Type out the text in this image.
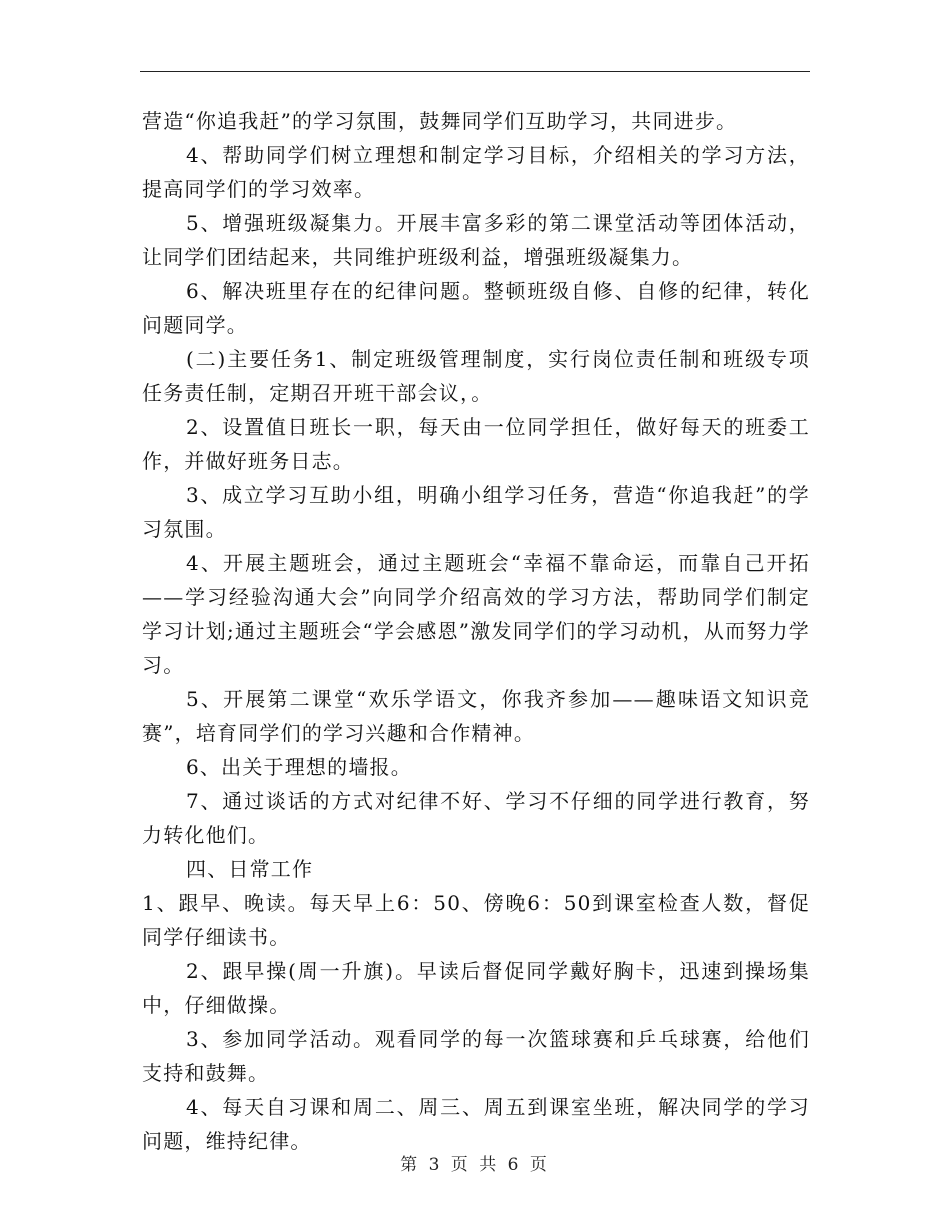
营造“你追我赶”的学习氛围，鼓舞同学们互助学习，共同进步。

4、帮助同学们树立理想和制定学习目标，介绍相关的学习方法，提高同学们的学习效率。

5、增强班级凝集力。开展丰富多彩的第二课堂活动等团体活动，让同学们团结起来，共同维护班级利益，增强班级凝集力。

6、解决班里存在的纪律问题。整顿班级自修、自修的纪律，转化问题同学。

(二)主要任务1、制定班级管理制度，实行岗位责任制和班级专项任务责任制，定期召开班干部会议，。

2、设置值日班长一职，每天由一位同学担任，做好每天的班委工作，并做好班务日志。

3、成立学习互助小组，明确小组学习任务，营造“你追我赶”的学习氛围。

4、开展主题班会，通过主题班会“幸福不靠命运，而靠自己开拓——学习经验沟通大会”向同学介绍高效的学习方法，帮助同学们制定学习计划;通过主题班会“学会感恩”激发同学们的学习动机，从而努力学习。

5、开展第二课堂“欢乐学语文，你我齐参加——趣味语文知识竞赛”，培育同学们的学习兴趣和合作精神。

6、出关于理想的墙报。

7、通过谈话的方式对纪律不好、学习不仔细的同学进行教育，努力转化他们。

四、日常工作

1、跟早、晚读。每天早上6：50、傍晚6：50到课室检查人数，督促同学仔细读书。

2、跟早操(周一升旗)。早读后督促同学戴好胸卡，迅速到操场集中，仔细做操。

3、参加同学活动。观看同学的每一次篮球赛和乒乓球赛，给他们支持和鼓舞。

4、每天自习课和周二、周三、周五到课室坐班，解决同学的学习问题，维持纪律。

第 3 页 共 6 页
